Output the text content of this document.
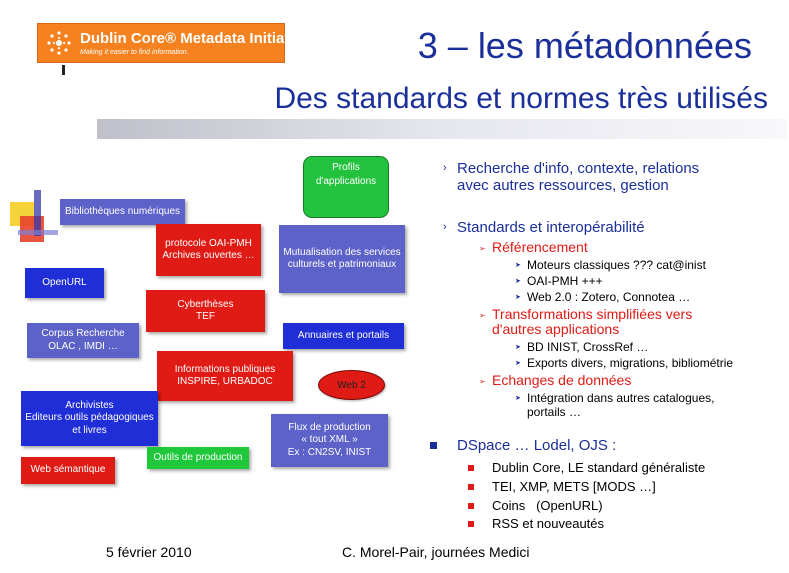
Dublin Core® Metadata Initiative
Making it easier to find information.	3 – les métadonnées
Des standards et normes très utilisés
Bibliothèques numériques
protocole OAI-PMH
Archives ouvertes …	Mutualisation des services culturels et patrimoniaux
Profils
d'applications
OpenURL
Cyberthèses
TEF
Annuaires et portails
Corpus Recherche
OLAC , IMDI …
Informations publiques
INSPIRE, URBADOC	Web 2
Archivistes
Editeurs outils pédagogiques
et livres	Flux de production
« tout XML »
Ex : CN2SV, INIST
Outils de production
Web sémantique
› Recherche d'info, contexte, relations
avec autres ressources, gestion
› Standards et interopérabilité
➢ Référencement
➤ Moteurs classiques ??? cat@inist
➤ OAI-PMH +++
➤ Web 2.0 : Zotero, Connotea …
➢ Transformations simplifiées vers
d'autres applications
➤ BD INIST, CrossRef …
➤ Exports divers, migrations, bibliométrie
➢ Echanges de données
➤ Intégration dans autres catalogues,
portails …
DSpace … Lodel, OJS :
Dublin Core, LE standard généraliste
TEI, XMP, METS [MODS …]
Coins   (OpenURL)
RSS et nouveautés
5 février 2010	C. Morel-Pair, journées Medici
